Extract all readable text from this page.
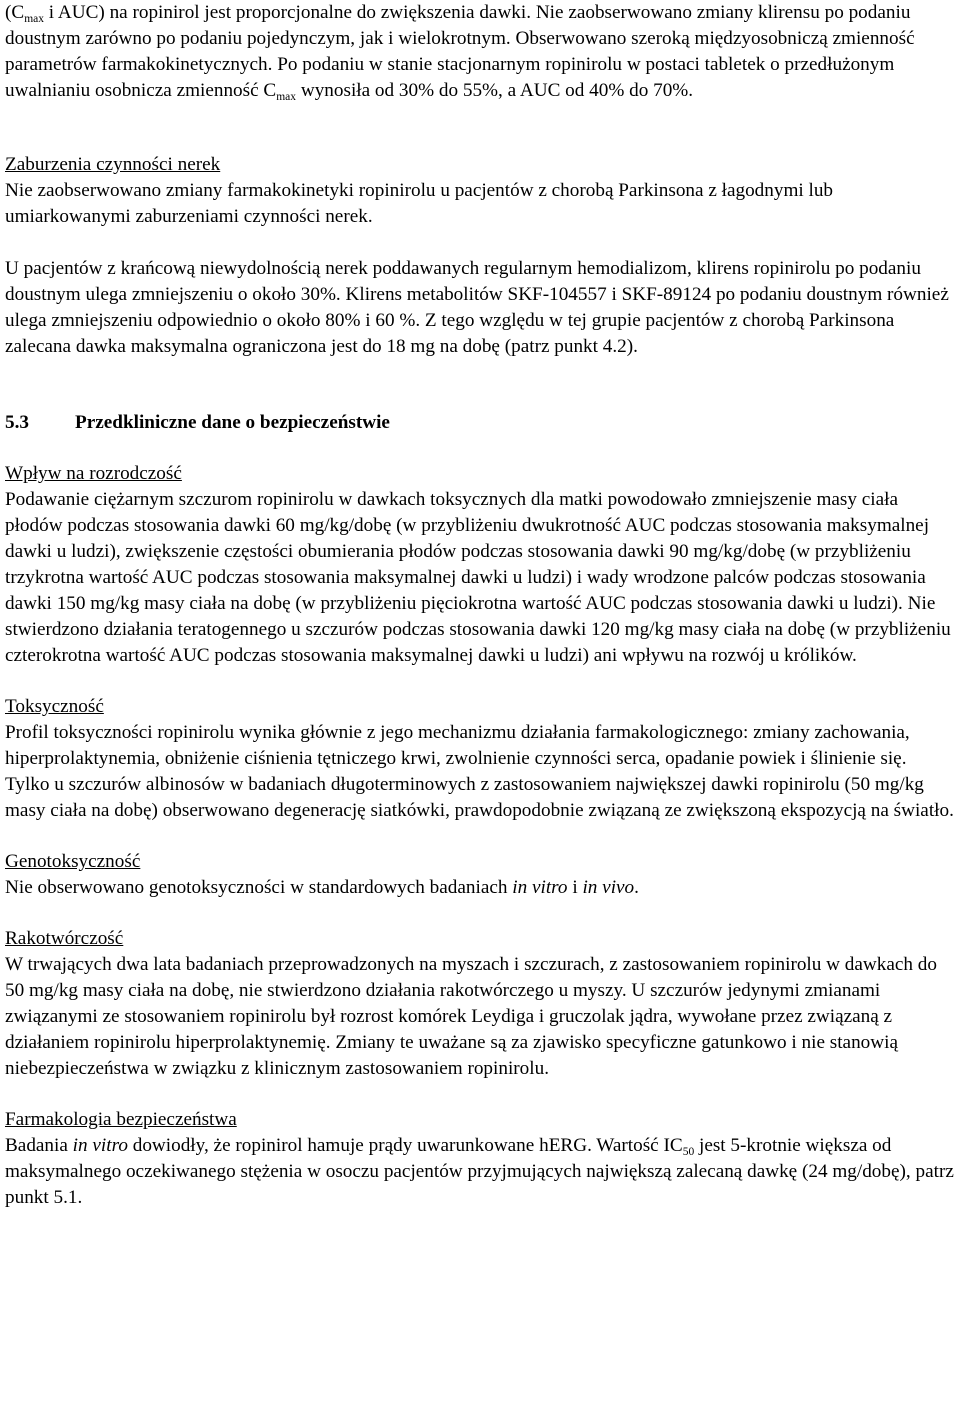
($C_{max}$ i AUC) na ropinirol jest proporcjonalne do zwiększenia dawki. Nie zaobserwowano zmiany klirensu po podaniu doustnym zarówno po podaniu pojedynczym, jak i wielokrotnym. Obserwowano szeroką międzyosobniczą zmienność parametrów farmakokinetycznych. Po podaniu w stanie stacjonarnym ropinirolu w postaci tabletek o przedłużonym uwalnianiu osobnicza zmienność $C_{max}$ wynosiła od 30% do 55%, a AUC od 40% do 70%.

Zaburzenia czynności nerek

Nie zaobserwowano zmiany farmakokinetyki ropinirolu u pacjentów z chorobą Parkinsona z łagodnymi lub umiarkowanymi zaburzeniami czynności nerek.

U pacjentów z krańcową niewydolnością nerek poddawanych regularnym hemodializom, klirens ropinirolu po podaniu doustnym ulega zmniejszeniu o około 30%. Klirens metabolitów SKF-104557 i SKF-89124 po podaniu doustnym również ulega zmniejszeniu odpowiednio o około 80% i 60 %. Z tego względu w tej grupie pacjentów z chorobą Parkinsona zalecana dawka maksymalna ograniczona jest do 18 mg na dobę (patrz punkt 4.2).

5.3	Przedkliniczne dane o bezpieczeństwie

Wpływ na rozrodczość

Podawanie ciężarnym szczurom ropinirolu w dawkach toksycznych dla matki powodowało zmniejszenie masy ciała płodów podczas stosowania dawki 60 mg/kg/dobę (w przybliżeniu dwukrotność AUC podczas stosowania maksymalnej dawki u ludzi), zwiększenie częstości obumierania płodów podczas stosowania dawki 90 mg/kg/dobę (w przybliżeniu trzykrotna wartość AUC podczas stosowania maksymalnej dawki u ludzi) i wady wrodzone palców podczas stosowania dawki 150 mg/kg masy ciała na dobę (w przybliżeniu pięciokrotna wartość AUC podczas stosowania dawki u ludzi). Nie stwierdzono działania teratogennego u szczurów podczas stosowania dawki 120 mg/kg masy ciała na dobę (w przybliżeniu czterokrotna wartość AUC podczas stosowania maksymalnej dawki u ludzi) ani wpływu na rozwój u królików.

Toksyczność

Profil toksyczności ropinirolu wynika głównie z jego mechanizmu działania farmakologicznego: zmiany zachowania, hiperprolaktynemia, obniżenie ciśnienia tętniczego krwi, zwolnienie czynności serca, opadanie powiek i ślinienie się. Tylko u szczurów albinosów w badaniach długoterminowych z zastosowaniem największej dawki ropinirolu (50 mg/kg masy ciała na dobę) obserwowano degenerację siatkówki, prawdopodobnie związaną ze zwiększoną ekspozycją na światło.

Genotoksyczność

Nie obserwowano genotoksyczności w standardowych badaniach in vitro i in vivo.

Rakotwórczość

W trwających dwa lata badaniach przeprowadzonych na myszach i szczurach, z zastosowaniem ropinirolu w dawkach do 50 mg/kg masy ciała na dobę, nie stwierdzono działania rakotwórczego u myszy. U szczurów jedynymi zmianami związanymi ze stosowaniem ropinirolu był rozrost komórek Leydiga i gruczolak jądra, wywołane przez związaną z działaniem ropinirolu hiperprolaktynemię. Zmiany te uważane są za zjawisko specyficzne gatunkowo i nie stanowią niebezpieczeństwa w związku z klinicznym zastosowaniem ropinirolu.

Farmakologia bezpieczeństwa

Badania in vitro dowiodły, że ropinirol hamuje prądy uwarunkowane hERG. Wartość $IC_{50}$ jest 5-krotnie większa od maksymalnego oczekiwanego stężenia w osoczu pacjentów przyjmujących największą zalecaną dawkę (24 mg/dobę), patrz punkt 5.1.
